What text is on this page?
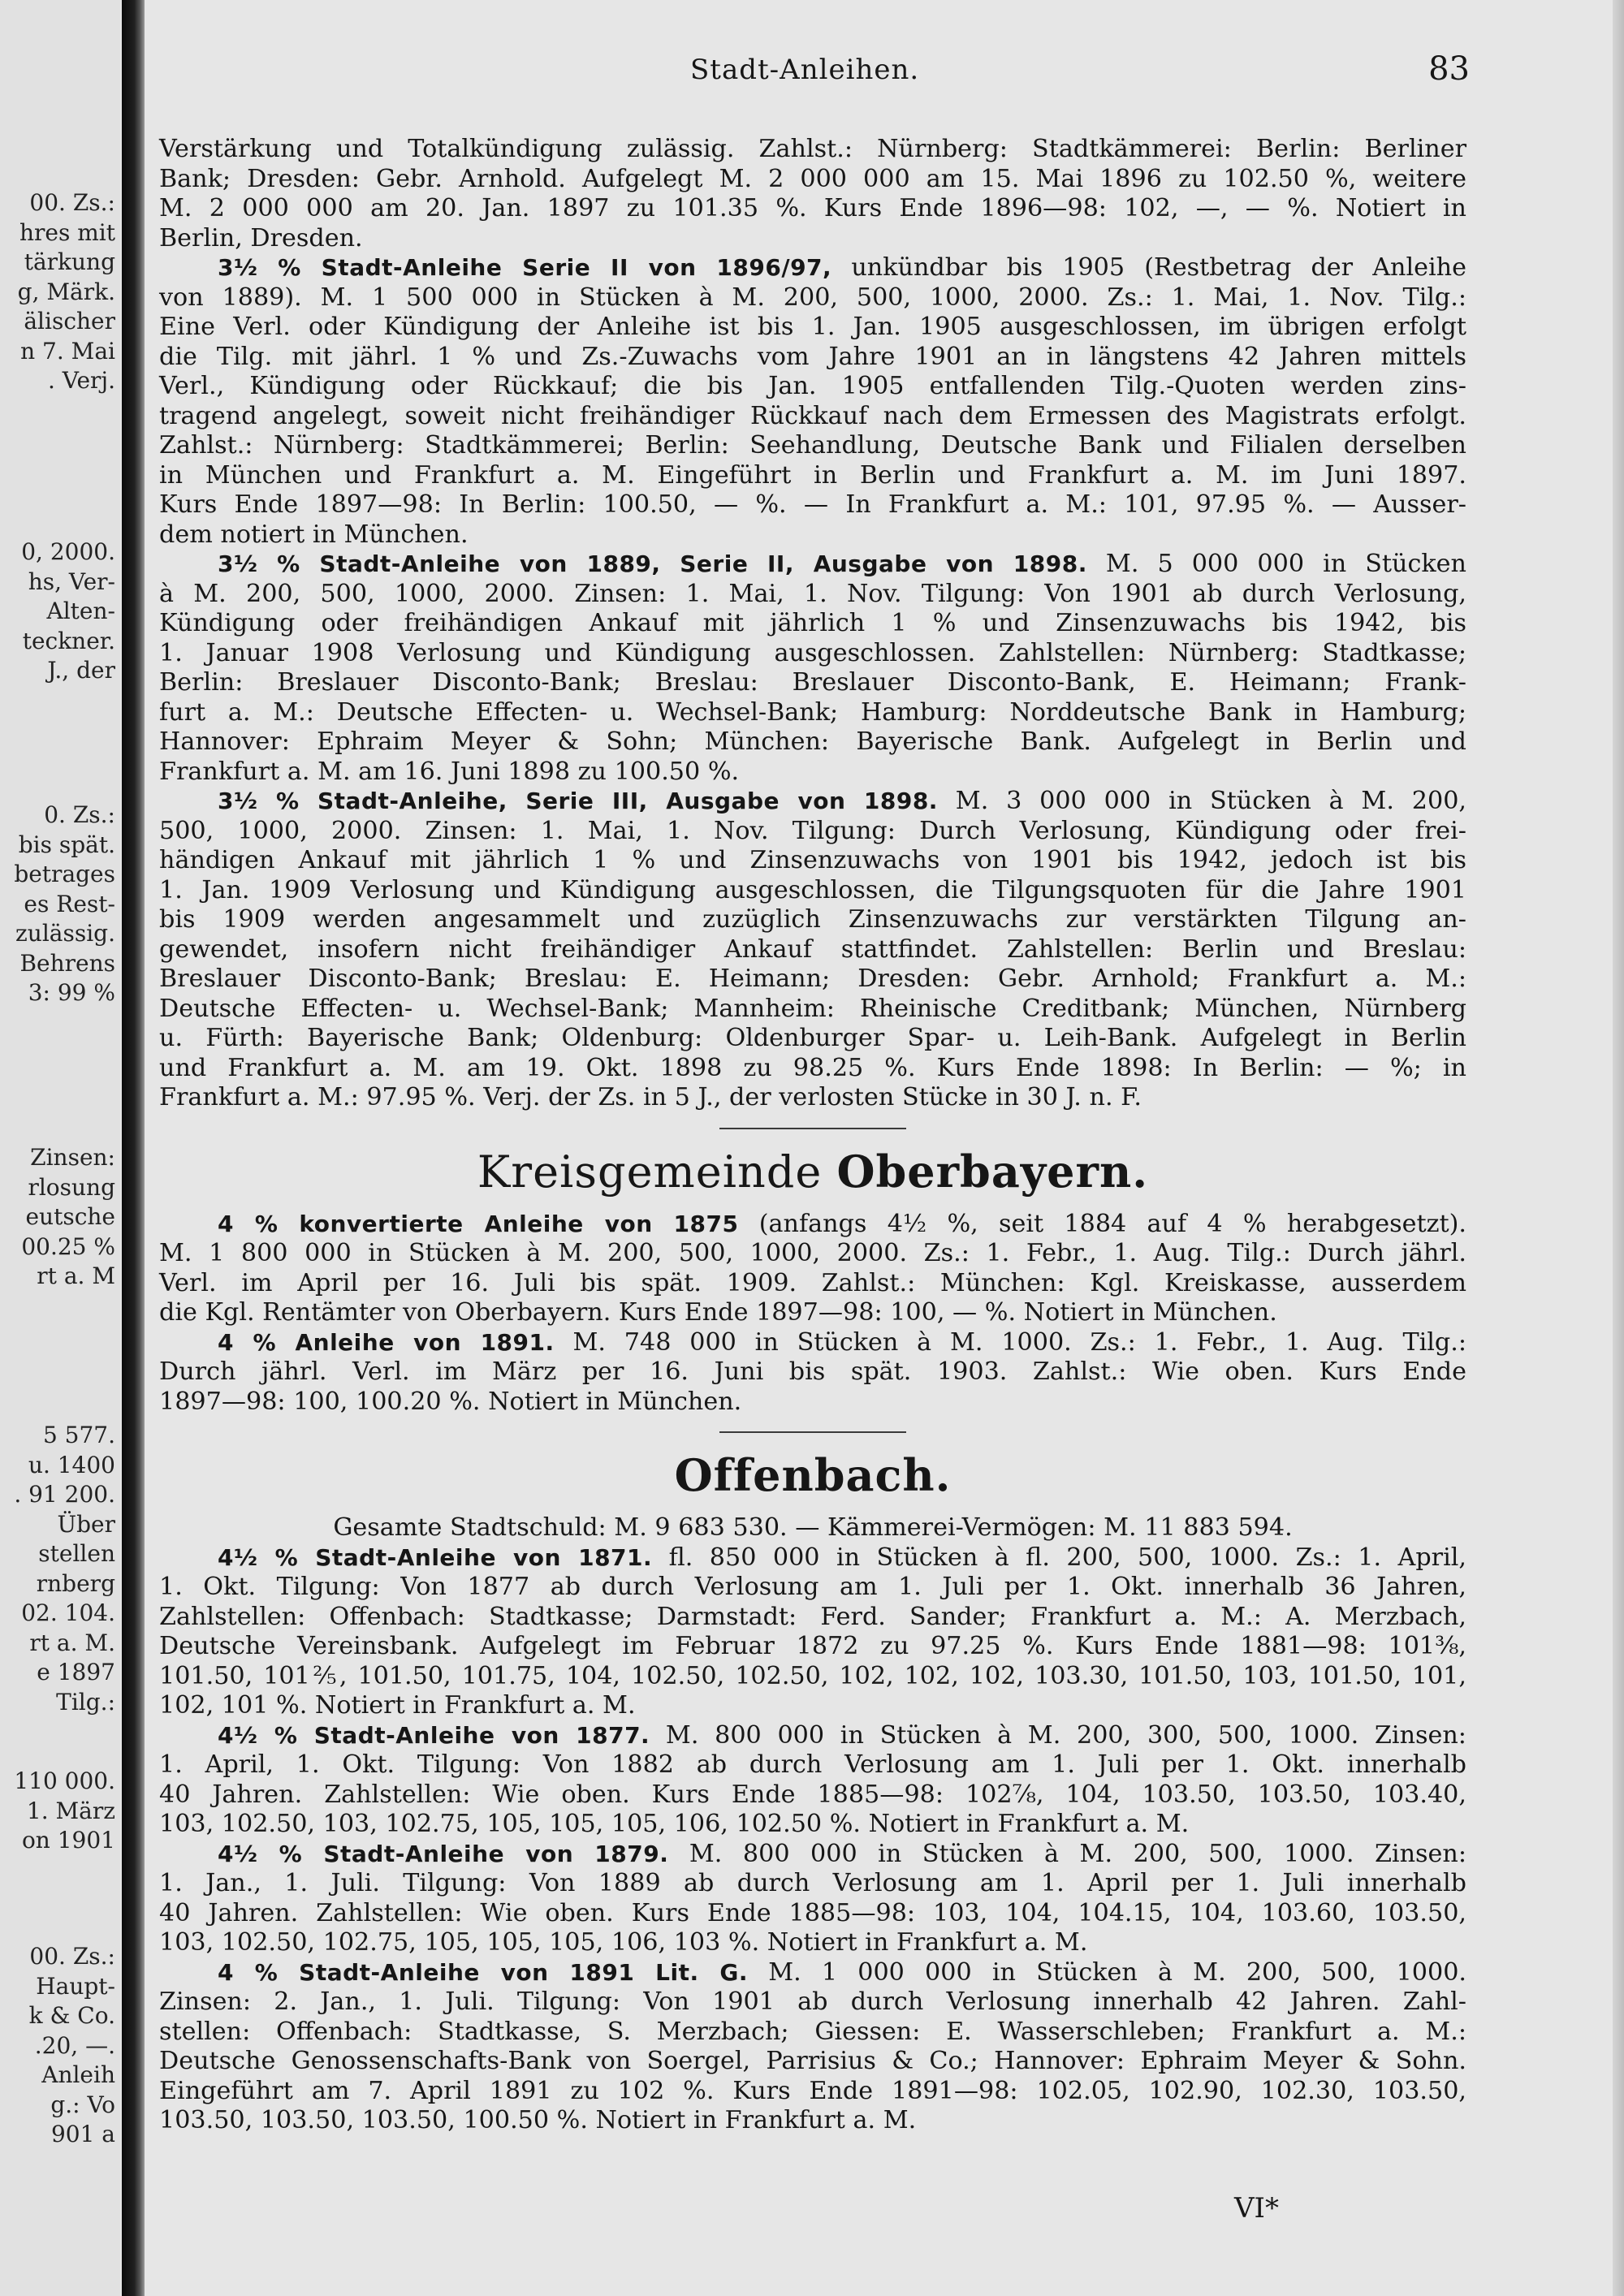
00. Zs.:
hres mit
tärkung
g, Märk.
älischer
n 7. Mai
. Verj.
0, 2000.
hs, Ver-
Alten-
teckner.
J., der
0. Zs.:
bis spät.
betrages
es Rest-
zulässig.
Behrens
3: 99 %
Zinsen:
rlosung
eutsche
00.25 %
rt a. M
5 577.
u. 1400
. 91 200.
Über
stellen
rnberg
02. 104.
rt a. M.
e 1897
Tilg.:
110 000.
1. März
on 1901
00. Zs.:
Haupt-
k & Co.
.20, —.
Anleih
g.: Vo
901 a
Stadt-Anleihen.	83

Verstärkung und Totalkündigung zulässig. Zahlst.: Nürnberg: Stadtkämmerei: Berlin: Berliner

Bank; Dresden: Gebr. Arnhold. Aufgelegt M. 2 000 000 am 15. Mai 1896 zu 102.50 %, weitere

M. 2 000 000 am 20. Jan. 1897 zu 101.35 %. Kurs Ende 1896—98: 102, —, — %. Notiert in

Berlin, Dresden.

3½ % Stadt-Anleihe Serie II von 1896/97, unkündbar bis 1905 (Restbetrag der Anleihe

von 1889). M. 1 500 000 in Stücken à M. 200, 500, 1000, 2000. Zs.: 1. Mai, 1. Nov. Tilg.:

Eine Verl. oder Kündigung der Anleihe ist bis 1. Jan. 1905 ausgeschlossen, im übrigen erfolgt

die Tilg. mit jährl. 1 % und Zs.-Zuwachs vom Jahre 1901 an in längstens 42 Jahren mittels

Verl., Kündigung oder Rückkauf; die bis Jan. 1905 entfallenden Tilg.-Quoten werden zins-

tragend angelegt, soweit nicht freihändiger Rückkauf nach dem Ermessen des Magistrats erfolgt.

Zahlst.: Nürnberg: Stadtkämmerei; Berlin: Seehandlung, Deutsche Bank und Filialen derselben

in München und Frankfurt a. M. Eingeführt in Berlin und Frankfurt a. M. im Juni 1897.

Kurs Ende 1897—98: In Berlin: 100.50, — %. — In Frankfurt a. M.: 101, 97.95 %. — Ausser-

dem notiert in München.

3½ % Stadt-Anleihe von 1889, Serie II, Ausgabe von 1898. M. 5 000 000 in Stücken

à M. 200, 500, 1000, 2000. Zinsen: 1. Mai, 1. Nov. Tilgung: Von 1901 ab durch Verlosung,

Kündigung oder freihändigen Ankauf mit jährlich 1 % und Zinsenzuwachs bis 1942, bis

1. Januar 1908 Verlosung und Kündigung ausgeschlossen. Zahlstellen: Nürnberg: Stadtkasse;

Berlin: Breslauer Disconto-Bank; Breslau: Breslauer Disconto-Bank, E. Heimann; Frank-

furt a. M.: Deutsche Effecten- u. Wechsel-Bank; Hamburg: Norddeutsche Bank in Hamburg;

Hannover: Ephraim Meyer & Sohn; München: Bayerische Bank. Aufgelegt in Berlin und

Frankfurt a. M. am 16. Juni 1898 zu 100.50 %.

3½ % Stadt-Anleihe, Serie III, Ausgabe von 1898. M. 3 000 000 in Stücken à M. 200,

500, 1000, 2000. Zinsen: 1. Mai, 1. Nov. Tilgung: Durch Verlosung, Kündigung oder frei-

händigen Ankauf mit jährlich 1 % und Zinsenzuwachs von 1901 bis 1942, jedoch ist bis

1. Jan. 1909 Verlosung und Kündigung ausgeschlossen, die Tilgungsquoten für die Jahre 1901

bis 1909 werden angesammelt und zuzüglich Zinsenzuwachs zur verstärkten Tilgung an-

gewendet, insofern nicht freihändiger Ankauf stattfindet. Zahlstellen: Berlin und Breslau:

Breslauer Disconto-Bank; Breslau: E. Heimann; Dresden: Gebr. Arnhold; Frankfurt a. M.:

Deutsche Effecten- u. Wechsel-Bank; Mannheim: Rheinische Creditbank; München, Nürnberg

u. Fürth: Bayerische Bank; Oldenburg: Oldenburger Spar- u. Leih-Bank. Aufgelegt in Berlin

und Frankfurt a. M. am 19. Okt. 1898 zu 98.25 %. Kurs Ende 1898: In Berlin: — %; in

Frankfurt a. M.: 97.95 %. Verj. der Zs. in 5 J., der verlosten Stücke in 30 J. n. F.

Kreisgemeinde Oberbayern.

4 % konvertierte Anleihe von 1875 (anfangs 4½ %, seit 1884 auf 4 % herabgesetzt).

M. 1 800 000 in Stücken à M. 200, 500, 1000, 2000. Zs.: 1. Febr., 1. Aug. Tilg.: Durch jährl.

Verl. im April per 16. Juli bis spät. 1909. Zahlst.: München: Kgl. Kreiskasse, ausserdem

die Kgl. Rentämter von Oberbayern. Kurs Ende 1897—98: 100, — %. Notiert in München.

4 % Anleihe von 1891. M. 748 000 in Stücken à M. 1000. Zs.: 1. Febr., 1. Aug. Tilg.:

Durch jährl. Verl. im März per 16. Juni bis spät. 1903. Zahlst.: Wie oben. Kurs Ende

1897—98: 100, 100.20 %. Notiert in München.

Offenbach.

Gesamte Stadtschuld: M. 9 683 530. — Kämmerei-Vermögen: M. 11 883 594.

4½ % Stadt-Anleihe von 1871. fl. 850 000 in Stücken à fl. 200, 500, 1000. Zs.: 1. April,

1. Okt. Tilgung: Von 1877 ab durch Verlosung am 1. Juli per 1. Okt. innerhalb 36 Jahren,

Zahlstellen: Offenbach: Stadtkasse; Darmstadt: Ferd. Sander; Frankfurt a. M.: A. Merzbach,

Deutsche Vereinsbank. Aufgelegt im Februar 1872 zu 97.25 %. Kurs Ende 1881—98: 101⅜,

101.50, 101⅖, 101.50, 101.75, 104, 102.50, 102.50, 102, 102, 102, 103.30, 101.50, 103, 101.50, 101,

102, 101 %. Notiert in Frankfurt a. M.

4½ % Stadt-Anleihe von 1877. M. 800 000 in Stücken à M. 200, 300, 500, 1000. Zinsen:

1. April, 1. Okt. Tilgung: Von 1882 ab durch Verlosung am 1. Juli per 1. Okt. innerhalb

40 Jahren. Zahlstellen: Wie oben. Kurs Ende 1885—98: 102⅞, 104, 103.50, 103.50, 103.40,

103, 102.50, 103, 102.75, 105, 105, 105, 106, 102.50 %. Notiert in Frankfurt a. M.

4½ % Stadt-Anleihe von 1879. M. 800 000 in Stücken à M. 200, 500, 1000. Zinsen:

1. Jan., 1. Juli. Tilgung: Von 1889 ab durch Verlosung am 1. April per 1. Juli innerhalb

40 Jahren. Zahlstellen: Wie oben. Kurs Ende 1885—98: 103, 104, 104.15, 104, 103.60, 103.50,

103, 102.50, 102.75, 105, 105, 105, 106, 103 %. Notiert in Frankfurt a. M.

4 % Stadt-Anleihe von 1891 Lit. G. M. 1 000 000 in Stücken à M. 200, 500, 1000.

Zinsen: 2. Jan., 1. Juli. Tilgung: Von 1901 ab durch Verlosung innerhalb 42 Jahren. Zahl-

stellen: Offenbach: Stadtkasse, S. Merzbach; Giessen: E. Wasserschleben; Frankfurt a. M.:

Deutsche Genossenschafts-Bank von Soergel, Parrisius & Co.; Hannover: Ephraim Meyer & Sohn.

Eingeführt am 7. April 1891 zu 102 %. Kurs Ende 1891—98: 102.05, 102.90, 102.30, 103.50,

103.50, 103.50, 103.50, 100.50 %. Notiert in Frankfurt a. M.

VI*
